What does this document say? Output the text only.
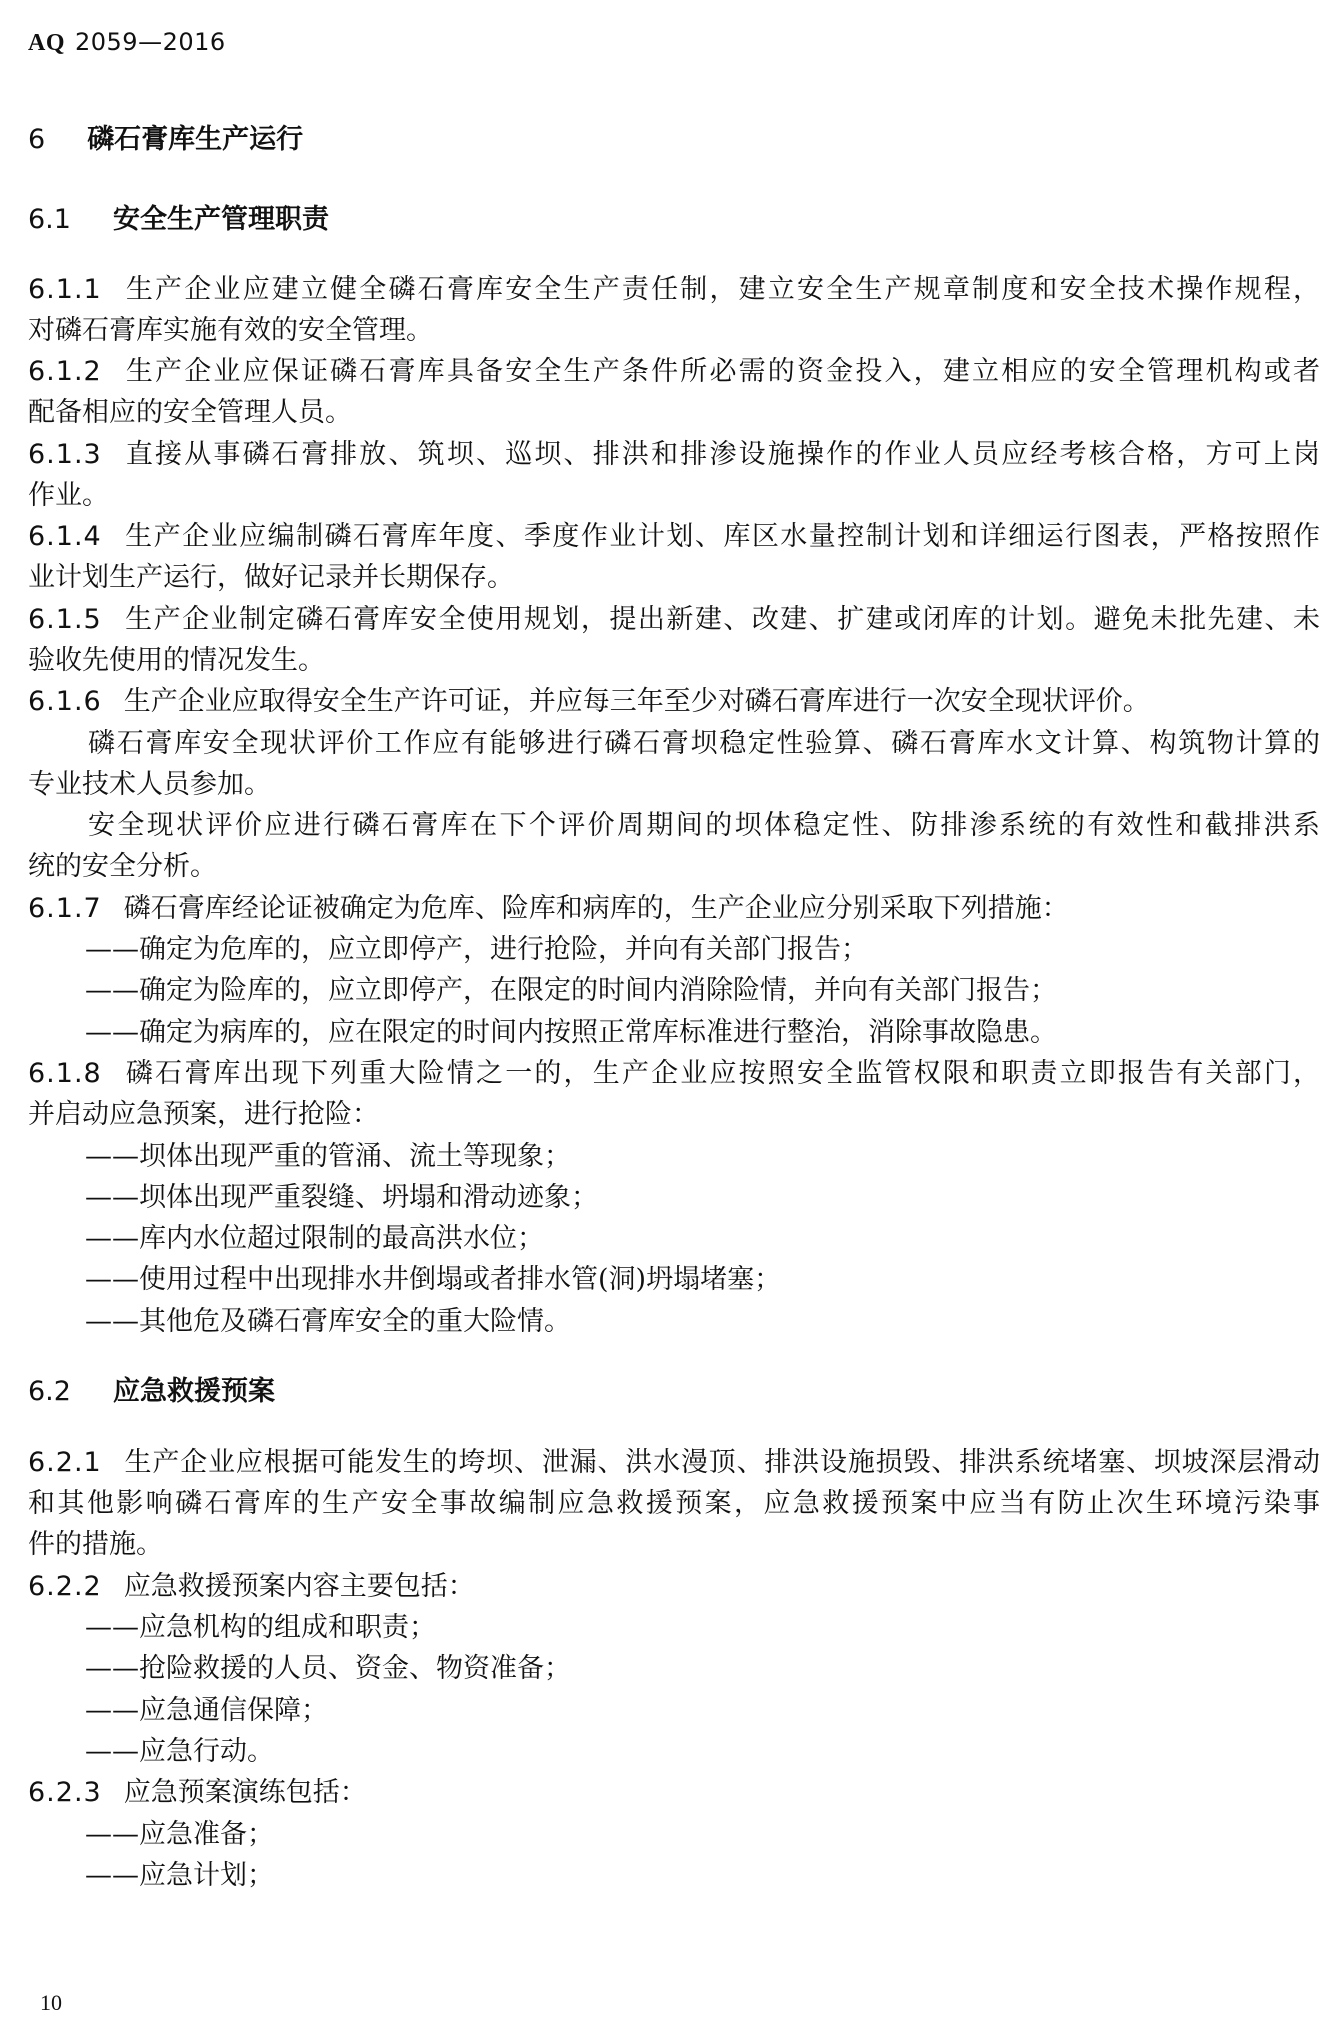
AQ 2059—2016
6 磷石膏库生产运行
6.1 安全生产管理职责
6.1.1 生产企业应建立健全磷石膏库安全生产责任制，建立安全生产规章制度和安全技术操作规程，
对磷石膏库实施有效的安全管理。
6.1.2 生产企业应保证磷石膏库具备安全生产条件所必需的资金投入，建立相应的安全管理机构或者
配备相应的安全管理人员。
6.1.3 直接从事磷石膏排放、筑坝、巡坝、排洪和排渗设施操作的作业人员应经考核合格，方可上岗
作业。
6.1.4 生产企业应编制磷石膏库年度、季度作业计划、库区水量控制计划和详细运行图表，严格按照作
业计划生产运行，做好记录并长期保存。
6.1.5 生产企业制定磷石膏库安全使用规划，提出新建、改建、扩建或闭库的计划。避免未批先建、未
验收先使用的情况发生。
6.1.6 生产企业应取得安全生产许可证，并应每三年至少对磷石膏库进行一次安全现状评价。
磷石膏库安全现状评价工作应有能够进行磷石膏坝稳定性验算、磷石膏库水文计算、构筑物计算的
专业技术人员参加。
安全现状评价应进行磷石膏库在下个评价周期间的坝体稳定性、防排渗系统的有效性和截排洪系
统的安全分析。
6.1.7 磷石膏库经论证被确定为危库、险库和病库的，生产企业应分别采取下列措施：
——确定为危库的，应立即停产，进行抢险，并向有关部门报告；
——确定为险库的，应立即停产，在限定的时间内消除险情，并向有关部门报告；
——确定为病库的，应在限定的时间内按照正常库标准进行整治，消除事故隐患。
6.1.8 磷石膏库出现下列重大险情之一的，生产企业应按照安全监管权限和职责立即报告有关部门，
并启动应急预案，进行抢险：
——坝体出现严重的管涌、流土等现象；
——坝体出现严重裂缝、坍塌和滑动迹象；
——库内水位超过限制的最高洪水位；
——使用过程中出现排水井倒塌或者排水管(洞)坍塌堵塞；
——其他危及磷石膏库安全的重大险情。
6.2 应急救援预案
6.2.1 生产企业应根据可能发生的垮坝、泄漏、洪水漫顶、排洪设施损毁、排洪系统堵塞、坝坡深层滑动
和其他影响磷石膏库的生产安全事故编制应急救援预案，应急救援预案中应当有防止次生环境污染事
件的措施。
6.2.2 应急救援预案内容主要包括：
——应急机构的组成和职责；
——抢险救援的人员、资金、物资准备；
——应急通信保障；
——应急行动。
6.2.3 应急预案演练包括：
——应急准备；
——应急计划；
10
